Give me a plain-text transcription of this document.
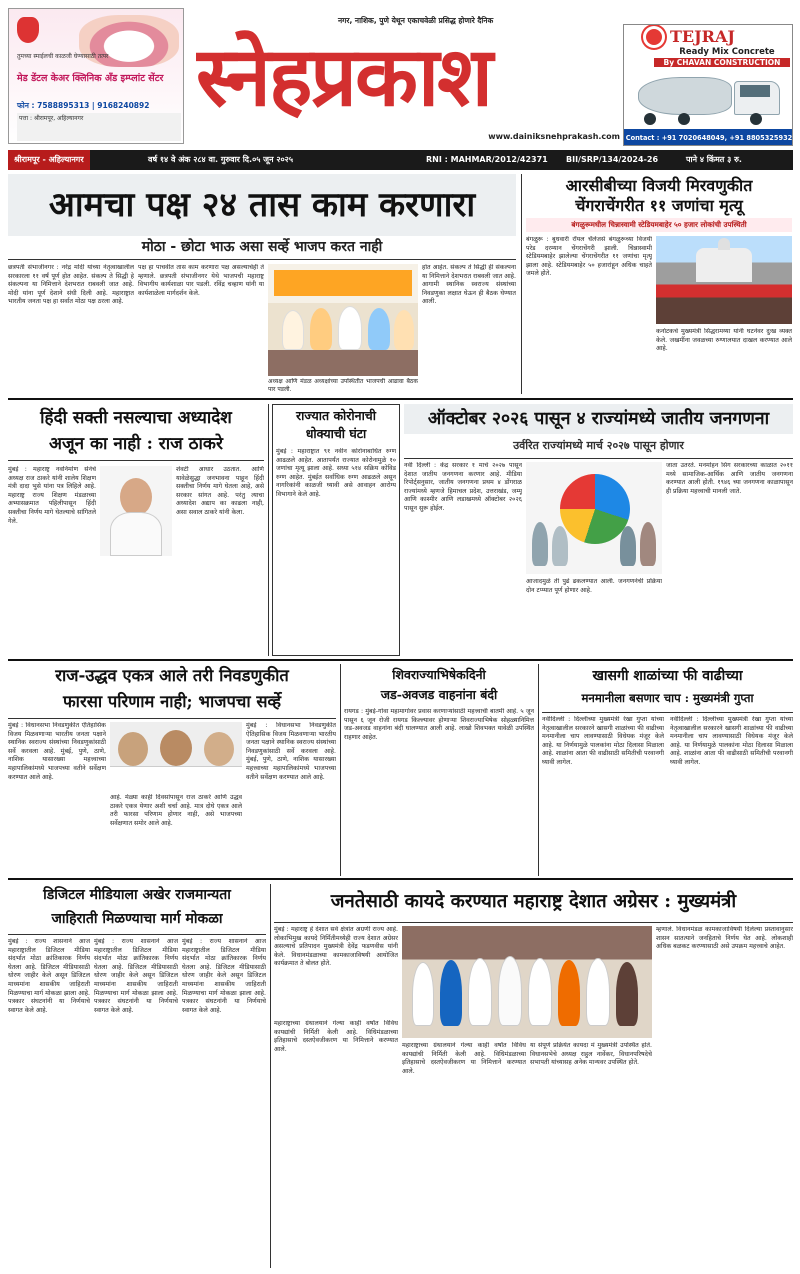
तुमच्या स्माईलची काळजी घेण्यासाठी तत्पर
मेड डेंटल केअर क्लिनिक अँड इम्प्लांट सेंटर
फोन : 7588895313 | 9168240892
पत्ता : श्रीरामपूर, अहिल्यानगर
नगर, नाशिक, पुणे येथून एकाचवेळी प्रसिद्ध होणारे दैनिक
स्नेहप्रकाश
www.dainiksnehprakash.com
TEJRAJ
Ready Mix Concrete
By CHAVAN CONSTRUCTION
Contact : +91 7020648049, +91 8805325932
श्रीरामपूर - अहिल्यानगर	वर्ष १४ वे अंक २८४ वा. गुरुवार दि.०५ जून २०२५	RNI : MAHMAR/2012/42371 BII/SRP/134/2024-26	पाने ४ किंमत ३ रु.
आमचा पक्ष २४ तास काम करणारा
मोठा - छोटा भाऊ असा सर्व्हे भाजप करत नाही
छत्रपती संभाजीनगर : नरेंद्र मोदी यांच्या नेतृत्वाखालील सरकारला ११ वर्षं पूर्ण होत आहेत. संकल्प ते सिद्धी हे संकल्पना या निमित्ताने देशभरात राबवली जात आहे. मोदी यांना पूर्ण देशाने संधी दिली आहे. महाराष्ट्रात भारतीय जनता पक्ष हा सर्वात मोठा पक्ष ठरला आहे.
पक्ष हा पाचवीत तास काम करणारा पक्ष असल्याचेही ते म्हणाले. छत्रपती संभाजीनगर येथे भाजपची महाराष्ट्र विभागीय कार्यशाळा पार पडली. रविंद्र चव्हाण यांनी या कार्यशाळेला मार्गदर्शन केले.
अध्यक्ष आणि मंडळ अध्यक्षांच्या उपस्थितीत भाजपची आढावा बैठक पार पडली.
होत आहेत. संकल्प ते सिद्धी ही संकल्पना या निमित्ताने देशभरात राबवली जात आहे. आगामी स्थानिक स्वराज्य संस्थांच्या निवडणुका लक्षात घेऊन ही बैठक घेण्यात आली.
आरसीबीच्या विजयी मिरवणुकीत
चेंगराचेंगरीत ११ जणांचा मृत्यू
बंगळुरूमधील चिन्नास्वामी स्टेडियमबाहेर ५० हजार लोकांची उपस्थिती
बंगळुरू : बुधवारी रॉयल चॅलेंजर्स बंगळुरूच्या विजयी परेड दरम्यान चेंगराचेंगरी झाली. चिन्नास्वामी स्टेडियमबाहेर झालेल्या चेंगराचेंगरीत ११ जणांचा मृत्यू झाला आहे. स्टेडियमबाहेर ५० हजारांहून अधिक चाहते जमले होते.
कर्नाटकचे मुख्यमंत्री सिद्धरामय्या यांनी घटनेवर दुःख व्यक्त केले. जखमींना जवळच्या रुग्णालयात दाखल करण्यात आले आहे.
हिंदी सक्ती नसल्याचा अध्यादेश
अजून का नाही : राज ठाकरे
मुंबई : महाराष्ट्र नवनिर्माण सेनेचे अध्यक्ष राज ठाकरे यांनी शालेय शिक्षण मंत्री दादा भुसे यांना पत्र लिहिले आहे. महाराष्ट्र राज्य शिक्षण मंडळाच्या अभ्यासक्रमात पहिलीपासून हिंदी सक्तीचा निर्णय मागे घेतल्याचे सांगितले गेले.
शेवटी आधार उठतात. आणि यावेळेसुद्धा जनभावना पाहून हिंदी सक्तीचा निर्णय मागे घेतला आहे, असे सरकार सांगत आहे. परंतु त्याचा अध्यादेश अद्याप का काढला नाही, असा सवाल ठाकरे यांनी केला.
राज्यात कोरोनाची
धोक्याची घंटा
मुंबई : महाराष्ट्रात ९१ नवीन कोरोनाबाधित रुग्ण आढळले आहेत. आतापर्यंत राज्यात कोरोनामुळे १० जणांचा मृत्यू झाला आहे. सध्या ५१४ सक्रिय कोविड रुग्ण आहेत. मुंबईत सर्वाधिक रुग्ण आढळले असून नागरिकांनी काळजी घ्यावी असे आवाहन आरोग्य विभागाने केले आहे.
ऑक्टोबर २०२६ पासून ४ राज्यांमध्ये जातीय जनगणना
उर्वरित राज्यांमध्ये मार्च २०२७ पासून होणार
नवी दिल्ली : केंद्र सरकार १ मार्च २०२७ पासून देशात जातीय जनगणना करणार आहे. मीडिया रिपोर्ट्सनुसार, जातीय जनगणना प्रथम ४ डोंगराळ राज्यांमध्ये म्हणजे हिमाचल प्रदेश, उत्तराखंड, जम्मू आणि काश्मीर आणि लडाखमध्ये ऑक्टोबर २०२६ पासून सुरू होईल.
आजादमुळे ती पुढे ढकलण्यात आली. जनगणनेची प्रक्रिया दोन टप्प्यात पूर्ण होणार आहे.
जाता उतरते. मनमोहन सिंग सरकारच्या काळात २०११ मध्ये सामाजिक-आर्थिक आणि जातीय जनगणना करण्यात आली होती. १९४६ च्या जनगणना काळापासून ही प्रक्रिया महत्त्वाची मानली जाते.
राज-उद्धव एकत्र आले तरी निवडणुकीत
फारसा परिणाम नाही; भाजपचा सर्व्हे
मुंबई : विधानसभा निवडणुकीत ऐतिहासिक विजय मिळवणाऱ्या भारतीय जनता पक्षाने स्थानिक स्वराज्य संस्थांच्या निवडणुकांसाठी सर्वे करवला आहे. मुंबई, पुणे, ठाणे, नाशिक यासारख्या महत्त्वाच्या महापालिकांमध्ये भाजपच्या वतीने सर्वेक्षण करण्यात आले आहे.
आहे. मेळ्या काही दिवसांपासून राज ठाकरे आणि उद्धव ठाकरे एकत्र येणार अशी चर्चा आहे. मात्र दोघे एकत्र आले तरी फारसा परिणाम होणार नाही, असे भाजपच्या सर्वेक्षणात समोर आले आहे.
मुंबई : विधानसभा निवडणुकीत ऐतिहासिक विजय मिळवणाऱ्या भारतीय जनता पक्षाने स्थानिक स्वराज्य संस्थांच्या निवडणुकांसाठी सर्वे करवला आहे. मुंबई, पुणे, ठाणे, नाशिक यासारख्या महत्त्वाच्या महापालिकांमध्ये भाजपच्या वतीने सर्वेक्षण करण्यात आले आहे.
शिवराज्याभिषेकदिनी
जड-अवजड वाहनांना बंदी
रायगड : मुंबई-गोवा महामार्गावर प्रवास करणाऱ्यांसाठी महत्त्वाची बातमी आहे. ५ जून पासून ६ जून रोजी रायगड किल्ल्यावर होणाऱ्या शिवराज्याभिषेक सोहळ्यानिमित्त जड-अवजड वाहनांना बंदी घालण्यात आली आहे. लाखो शिवभक्त यावेळी उपस्थित राहणार आहेत.
खासगी शाळांच्या फी वाढीच्या
मनमानीला बसणार चाप : मुख्यमंत्री गुप्ता
नवीदिल्ली : दिल्लीच्या मुख्यमंत्री रेखा गुप्ता यांच्या नेतृत्वाखालील सरकारने खासगी शाळांच्या फी वाढीच्या मनमानीला चाप लावण्यासाठी विधेयक मंजूर केले आहे. या निर्णयामुळे पालकांना मोठा दिलासा मिळाला आहे. शाळांना आता फी वाढीसाठी समितीची परवानगी घ्यावी लागेल.
नवीदिल्ली : दिल्लीच्या मुख्यमंत्री रेखा गुप्ता यांच्या नेतृत्वाखालील सरकारने खासगी शाळांच्या फी वाढीच्या मनमानीला चाप लावण्यासाठी विधेयक मंजूर केले आहे. या निर्णयामुळे पालकांना मोठा दिलासा मिळाला आहे. शाळांना आता फी वाढीसाठी समितीची परवानगी घ्यावी लागेल.
डिजिटल मीडियाला अखेर राजमान्यता
जाहिराती मिळण्याचा मार्ग मोकळा
मुंबई : राज्य शासनाने आज महाराष्ट्रातील डिजिटल मीडिया संदर्भात मोठा क्रांतिकारक निर्णय घेतला आहे. डिजिटल मीडियासाठी धोरण जाहीर केले असून डिजिटल माध्यमांना शासकीय जाहिराती मिळण्याचा मार्ग मोकळा झाला आहे. पत्रकार संघटनांनी या निर्णयाचे स्वागत केले आहे.
मुंबई : राज्य शासनाने आज महाराष्ट्रातील डिजिटल मीडिया संदर्भात मोठा क्रांतिकारक निर्णय घेतला आहे. डिजिटल मीडियासाठी धोरण जाहीर केले असून डिजिटल माध्यमांना शासकीय जाहिराती मिळण्याचा मार्ग मोकळा झाला आहे. पत्रकार संघटनांनी या निर्णयाचे स्वागत केले आहे.
मुंबई : राज्य शासनाने आज महाराष्ट्रातील डिजिटल मीडिया संदर्भात मोठा क्रांतिकारक निर्णय घेतला आहे. डिजिटल मीडियासाठी धोरण जाहीर केले असून डिजिटल माध्यमांना शासकीय जाहिराती मिळण्याचा मार्ग मोकळा झाला आहे. पत्रकार संघटनांनी या निर्णयाचे स्वागत केले आहे.
जनतेसाठी कायदे करण्यात महाराष्ट्र देशात अग्रेसर : मुख्यमंत्री
मुंबई : महाराष्ट्र हे देशात सर्व क्षेत्रांत अग्रणी राज्य आहे. लोकाभिमुख कायदे निर्मितीमध्येही राज्य देशात अग्रेसर असल्याचे प्रतिपादन मुख्यमंत्री देवेंद्र फडणवीस यांनी केले. विधानमंडळाच्या कामकाजाविषयी आयोजित कार्यक्रमात ते बोलत होते.
महाराष्ट्राच्या ग्रंथालयाने गेल्या काही वर्षांत विविध कायद्यांची निर्मिती केली आहे. विधिमंडळाच्या इतिहासाचे दस्तऐवजीकरण या निमित्ताने करण्यात आले.
महाराष्ट्राच्या ग्रंथालयाने गेल्या काही वर्षांत विविध कायद्यांची निर्मिती केली आहे. विधिमंडळाच्या इतिहासाचे दस्तऐवजीकरण या निमित्ताने करण्यात आले.
या संपूर्ण प्रक्रियेत कायदा मं मुख्यमंत्री उपस्थित होते. विधानसभेचे अध्यक्ष राहुल नार्वेकर, विधानपरिषदेचे सभापती यांच्यासह अनेक मान्यवर उपस्थित होते.
म्हणाले. विधानमंडळ कामकाजाविषयी दिलेल्या प्रस्तावानुसार शासन सातत्याने जनहिताचे निर्णय घेत आहे. लोकशाही अधिक बळकट करण्यासाठी असे उपक्रम महत्त्वाचे आहेत.
